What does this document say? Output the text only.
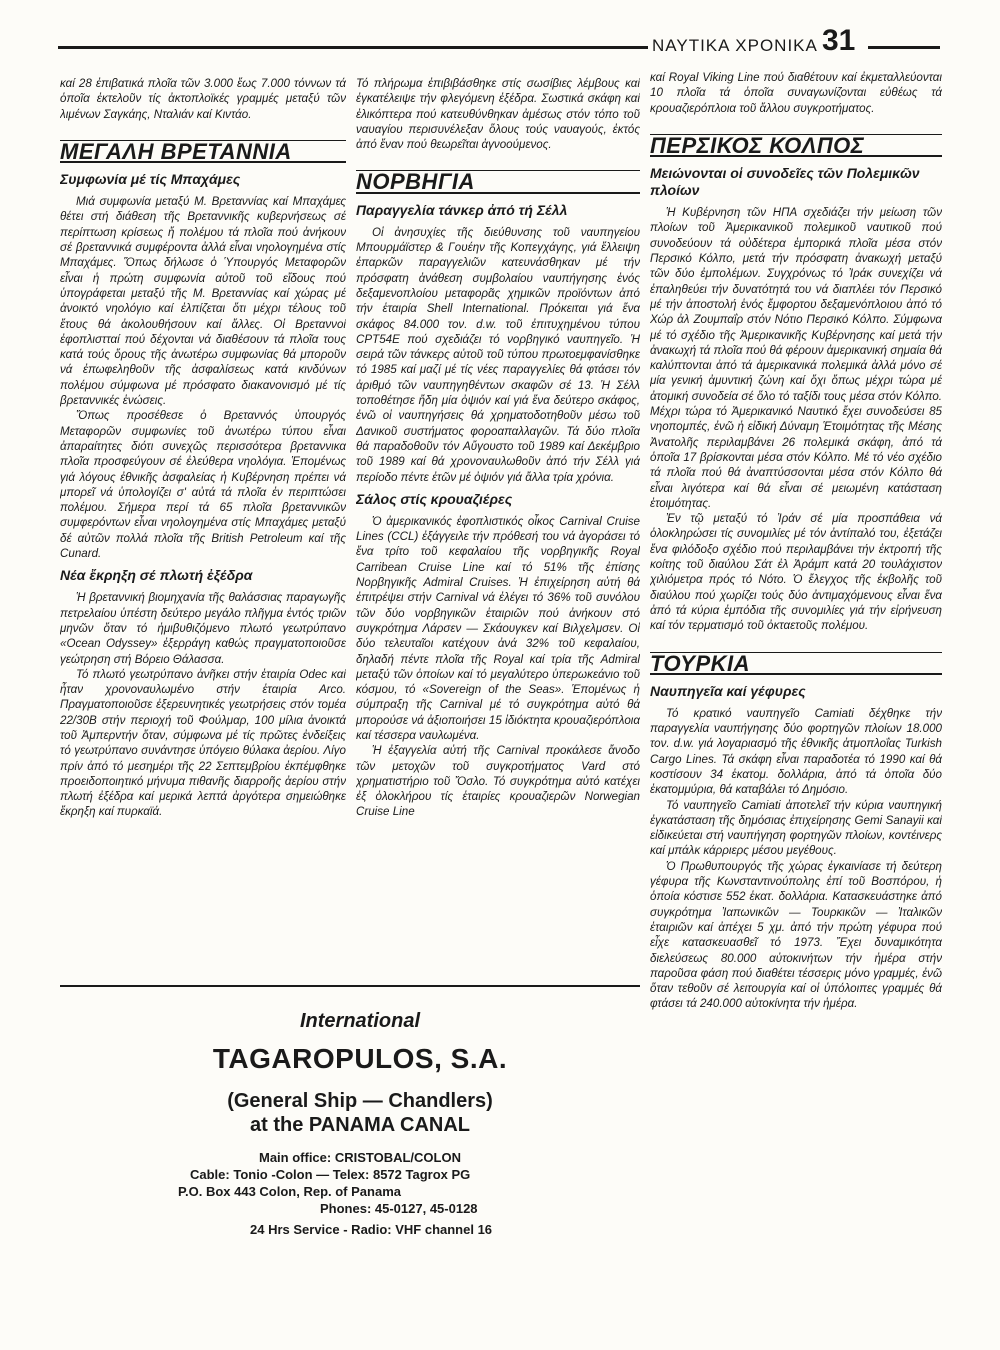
ΝΑΥΤΙΚΑ ΧΡΟΝΙΚΑ 31

καί 28 ἐπιβατικά πλοῖα τῶν 3.000 ἕως 7.000 τόννων τά ὁποῖα ἐκτελοῦν τίς ἀκτοπλοϊκές γραμμές μεταξύ τῶν λιμένων Σαγκάης, Νταλιάν καί Κιντάο.

ΜΕΓΑΛΗ ΒΡΕΤΑΝΝΙΑ
Συμφωνία μέ τίς Μπαχάμες

Μιά συμφωνία μεταξύ Μ. Βρεταννίας καί Μπαχάμες θέτει στή διάθεση τῆς Βρεταννικῆς κυβερνήσεως σέ περίπτωση κρίσεως ἤ πολέμου τά πλοῖα πού ἀνήκουν σέ βρεταννικά συμφέροντα ἀλλά εἶναι νηολογημένα στίς Μπαχάμες. Ὅπως δήλωσε ὁ Ὑπουργός Μεταφορῶν εἶναι ἡ πρώτη συμφωνία αὐτοῦ τοῦ εἴδους πού ὑπογράφεται μεταξύ τῆς Μ. Βρεταννίας καί χώρας μέ ἀνοικτό νηολόγιο καί ἐλπίζεται ὅτι μέχρι τέλους τοῦ ἔτους θά ἀκολουθήσουν καί ἄλλες. Οἱ Βρεταννοί ἐφοπλιστταί πού δέχονται νά διαθέσουν τά πλοῖα τους κατά τούς ὅρους τῆς ἀνωτέρω συμφωνίας θά μποροῦν νά ἐπωφεληθοῦν τῆς ἀσφαλίσεως κατά κινδύνων πολέμου σύμφωνα μέ πρόσφατο διακανονισμό μέ τίς βρεταννικές ἑνώσεις.

Ὅπως προσέθεσε ὁ Βρεταννός ὑπουργός Μεταφορῶν συμφωνίες τοῦ ἀνωτέρω τύπου εἶναι ἀπαραίτητες διότι συνεχῶς περισσότερα βρεταννικα πλοῖα προσφεύγουν σέ ἐλεύθερα νηολόγια. Ἑπομένως γιά λόγους ἐθνικῆς ἀσφαλείας ἡ Κυβέρνηση πρέπει νά μπορεῖ νά ὑπολογίζει σ' αὐτά τά πλοῖα ἐν περιπτώσει πολέμου. Σήμερα περί τά 65 πλοῖα βρεταννικῶν συμφερόντων εἶναι νηολογημένα στίς Μπαχάμες μεταξύ δέ αὐτῶν πολλά πλοῖα τῆς British Petroleum καί τῆς Cunard.

Νέα ἔκρηξη σέ πλωτή ἐξέδρα

Ἡ βρεταννική βιομηχανία τῆς θαλάσσιας παραγωγῆς πετρελαίου ὑπέστη δεύτερο μεγάλο πλῆγμα ἐντός τριῶν μηνῶν ὅταν τό ἡμιβυθιζόμενο πλωτό γεωτρύπανο «Ocean Odyssey» ἐξερράγη καθώς πραγματοποιοῦσε γεώτρηση στή Βόρειο Θάλασσα.

Τό πλωτό γεωτρύπανο ἀνῆκει στήν ἑταιρία Odec καί ἦταν χρονοναυλωμένο στήν ἑταιρία Arco. Πραγματοποιοῦσε ἐξερευνητικές γεωτρήσεις στόν τομέα 22/30Β στήν περιοχή τοῦ Φούλμαρ, 100 μίλια ἀνοικτά τοῦ Ἀμπερντήν ὅταν, σύμφωνα μέ τίς πρῶτες ἐνδείξεις τό γεωτρύπανο συνάντησε ὑπόγειο θύλακα ἀερίου. Λίγο πρίν ἀπό τό μεσημέρι τῆς 22 Σεπτεμβρίου ἐκπέμφθηκε προειδοποιητικό μήνυμα πιθανῆς διαρροῆς ἀερίου στήν πλωτή ἐξέδρα καί μερικά λεπτά ἀργότερα σημειώθηκε ἔκρηξη καί πυρκαϊά.

Τό πλήρωμα ἐπιβιβάσθηκε στίς σωσίβιες λέμβους καί ἐγκατέλειψε τήν φλεγόμενη ἐξέδρα. Σωστικά σκάφη καί ἑλικόπτερα πού κατευθύνθηκαν ἀμέσως στόν τόπο τοῦ ναυαγίου περισυνέλεξαν ὅλους τούς ναυαγούς, ἐκτός ἀπό ἕναν πού θεωρεῖται ἀγνοούμενος.

ΝΟΡΒΗΓΙΑ
Παραγγελία τάνκερ ἀπό τή Σέλλ

Οἱ ἀνησυχίες τῆς διεύθυνσης τοῦ ναυπηγείου Μπουρμάϊστερ & Γουέην τῆς Κοπεγχάγης, γιά ἔλλειψη ἐπαρκῶν παραγγελιῶν κατευνάσθηκαν μέ τήν πρόσφατη ἀνάθεση συμβολαίου ναυπήγησης ἑνός δεξαμενοπλοίου μεταφορᾶς χημικῶν προϊόντων ἀπό τήν ἑταιρία Shell International. Πρόκειται γιά ἕνα σκάφος 84.000 τον. d.w. τοῦ ἐπιτυχημένου τύπου CPT54E πού σχεδιάζει τό νορβηγικό ναυπηγεῖο. Ἡ σειρά τῶν τάνκερς αὐτοῦ τοῦ τύπου πρωτοεμφανίσθηκε τό 1985 καί μαζί μέ τίς νέες παραγγελίες θά φτάσει τόν ἀριθμό τῶν ναυπηγηθέντων σκαφῶν σέ 13. Ἡ Σέλλ τοποθέτησε ἤδη μία ὀψιόν καί γιά ἕνα δεύτερο σκάφος, ἐνῶ οἱ ναυπηγήσεις θά χρηματοδοτηθοῦν μέσω τοῦ Δανικοῦ συστήματος φοροαπαλλαγῶν. Τά δύο πλοῖα θά παραδοθοῦν τόν Αὔγουστο τοῦ 1989 καί Δεκέμβριο τοῦ 1989 καί θά χρονοναυλωθοῦν ἀπό τήν Σέλλ γιά περίοδο πέντε ἐτῶν μέ ὀψιόν γιά ἄλλα τρία χρόνια.

Σάλος στίς κρουαζιέρες

Ὁ ἀμερικανικός ἐφοπλιστικός οἶκος Carnival Cruise Lines (CCL) ἐξάγγειλε τήν πρόθεσή του νά ἀγοράσει τό ἕνα τρίτο τοῦ κεφαλαίου τῆς νορβηγικῆς Royal Carribean Cruise Line καί τό 51% τῆς ἐπίσης Νορβηγικῆς Admiral Cruises. Ἡ ἐπιχείρηση αὐτή θά ἐπιτρέψει στήν Carnival νά ἐλέγει τό 36% τοῦ συνόλου τῶν δύο νορβηγικῶν ἑταιριῶν πού ἀνήκουν στό συγκρότημα Λάρσεν — Σκάουγκεν καί Βιλχελμσεν. Οἱ δύο τελευταῖοι κατέχουν ἀνά 32% τοῦ κεφαλαίου, δηλαδή πέντε πλοῖα τῆς Royal καί τρία τῆς Admiral μεταξύ τῶν ὁποίων καί τό μεγαλύτερο ὑπερωκεάνιο τοῦ κόσμου, τό «Sovereign of the Seas». Ἑπομένως ἡ σύμπραξη τῆς Carnival μέ τό συγκρότημα αὐτό θά μπορούσε νά ἀξιοποιήσει 15 ἰδιόκτητα κρουαζιερόπλοια καί τέσσερα ναυλωμένα.

Ἡ ἐξαγγελία αὐτή τῆς Carnival προκάλεσε ἄνοδο τῶν μετοχῶν τοῦ συγκροτήματος Vard στό χρηματιστήριο τοῦ Ὄσλο. Τό συγκρότημα αὐτό κατέχει ἐξ ὁλοκλήρου τίς ἑταιρίες κρουαζιερῶν Norwegian Cruise Line

καί Royal Viking Line πού διαθέτουν καί ἐκμεταλλεύονται 10 πλοῖα τά ὁποῖα συναγωνίζονται εὐθέως τά κρουαζιερόπλοια τοῦ ἄλλου συγκροτήματος.

ΠΕΡΣΙΚΟΣ ΚΟΛΠΟΣ
Μειώνονται οἱ συνοδεῖες τῶν Πολεμικῶν πλοίων

Ἡ Κυβέρνηση τῶν ΗΠΑ σχεδιάζει τήν μείωση τῶν πλοίων τοῦ Ἀμερικανικοῦ πολεμικοῦ ναυτικοῦ πού συνοδεύουν τά οὐδέτερα ἐμπορικά πλοῖα μέσα στόν Περσικό Κόλπο, μετά τήν πρόσφατη ἀνακωχή μεταξύ τῶν δύο ἐμπολέμων. Συγχρόνως τό Ἰράκ συνεχίζει νά ἐπαληθεύει τήν δυνατότητά του νά διαπλέει τόν Περσικό μέ τήν ἀποστολή ἑνός ἔμφορτου δεξαμενόπλοιου ἀπό τό Χώρ ἀλ Ζουμπαΐρ στόν Νότιο Περσικό Κόλπο. Σύμφωνα μέ τό σχέδιο τῆς Ἀμερικανικῆς Κυβέρνησης καί μετά τήν ἀνακωχή τά πλοῖα πού θά φέρουν ἀμερικανική σημαία θά καλύπτονται ἀπό τά ἀμερικανικά πολεμικά ἀλλά μόνο σέ μία γενική ἀμυντική ζώνη καί ὄχι ὅπως μέχρι τώρα μέ ἀτομική συνοδεία σέ ὅλο τό ταξίδι τους μέσα στόν Κόλπο. Μέχρι τώρα τό Ἀμερικανικό Ναυτικό ἔχει συνοδεύσει 85 νηοπομπές, ἐνῶ ἡ εἰδική Δύναμη Ἑτοιμότητας τῆς Μέσης Ἀνατολῆς περιλαμβάνει 26 πολεμικά σκάφη, ἀπό τά ὁποῖα 17 βρίσκονται μέσα στόν Κόλπο. Μέ τό νέο σχέδιο τά πλοῖα πού θά ἀναπτύσσονται μέσα στόν Κόλπο θά εἶναι λιγότερα καί θά εἶναι σέ μειωμένη κατάσταση ἑτοιμότητας.

Ἐν τῷ μεταξύ τό Ἰράν σέ μία προσπάθεια νά ὁλοκληρώσει τίς συνομιλίες μέ τόν ἀντίπαλό του, ἐξετάζει ἕνα φιλόδοξο σχέδιο πού περιλαμβάνει τήν ἐκτροπή τῆς κοίτης τοῦ διαύλου Σάτ ἐλ Ἀράμπ κατά 20 τουλάχιστον χιλιόμετρα πρός τό Νότο. Ὁ ἔλεγχος τῆς ἐκβολῆς τοῦ διαύλου πού χωρίζει τούς δύο ἀντιμαχόμενους εἶναι ἕνα ἀπό τά κύρια ἐμπόδια τῆς συνομιλίες γιά τήν εἰρήνευση καί τόν τερματισμό τοῦ ὀκταετοῦς πολέμου.

ΤΟΥΡΚΙΑ
Ναυπηγεῖα καί γέφυρες

Τό κρατικό ναυπηγεῖο Camiati δέχθηκε τήν παραγγελία ναυπήγησης δύο φορτηγῶν πλοίων 18.000 τον. d.w. γιά λογαριασμό τῆς ἐθνικῆς ἀτμοπλοΐας Turkish Cargo Lines. Τά σκάφη εἶναι παραδοτέα τό 1990 καί θά κοστίσουν 34 ἑκατομ. δολλάρια, ἀπό τά ὁποῖα δύο ἑκατομμύρια, θά καταβάλει τό Δημόσιο.

Τό ναυπηγεῖο Camiati ἀποτελεῖ τήν κύρια ναυπηγική ἐγκατάσταση τῆς δημόσιας ἐπιχείρησης Gemi Sanayii καί εἰδικεύεται στή ναυπήγηση φορτηγῶν πλοίων, κοντέινερς καί μπάλκ κάρριερς μέσου μεγέθους.

Ὁ Πρωθυπουργός τῆς χώρας ἐγκαινίασε τή δεύτερη γέφυρα τῆς Κωνσταντινούπολης ἐπί τοῦ Βοσπόρου, ἡ ὁποία κόστισε 552 ἑκατ. δολλάρια. Κατασκευάστηκε ἀπό συγκρότημα Ἰαπωνικῶν — Τουρκικῶν — Ἰταλικῶν ἑταιριῶν καί ἀπέχει 5 χμ. ἀπό τήν πρώτη γέφυρα πού εἶχε κατασκευασθεῖ τό 1973. Ἔχει δυναμικότητα διελεύσεως 80.000 αὐτοκινήτων τήν ἡμέρα στήν παροῦσα φάση πού διαθέτει τέσσερις μόνο γραμμές, ἐνῶ ὅταν τεθοῦν σέ λειτουργία καί οἱ ὑπόλοιπες γραμμές θά φτάσει τά 240.000 αὐτοκίνητα τήν ἡμέρα.

International
TAGAROPULOS, S.A.
(General Ship — Chandlers)
at the PANAMA CANAL
Main office: CRISTOBAL/COLON
Cable: Tonio -Colon — Telex: 8572 Tagrox PG
P.O. Box 443 Colon, Rep. of Panama
Phones: 45-0127, 45-0128
24 Hrs Service - Radio: VHF channel 16
